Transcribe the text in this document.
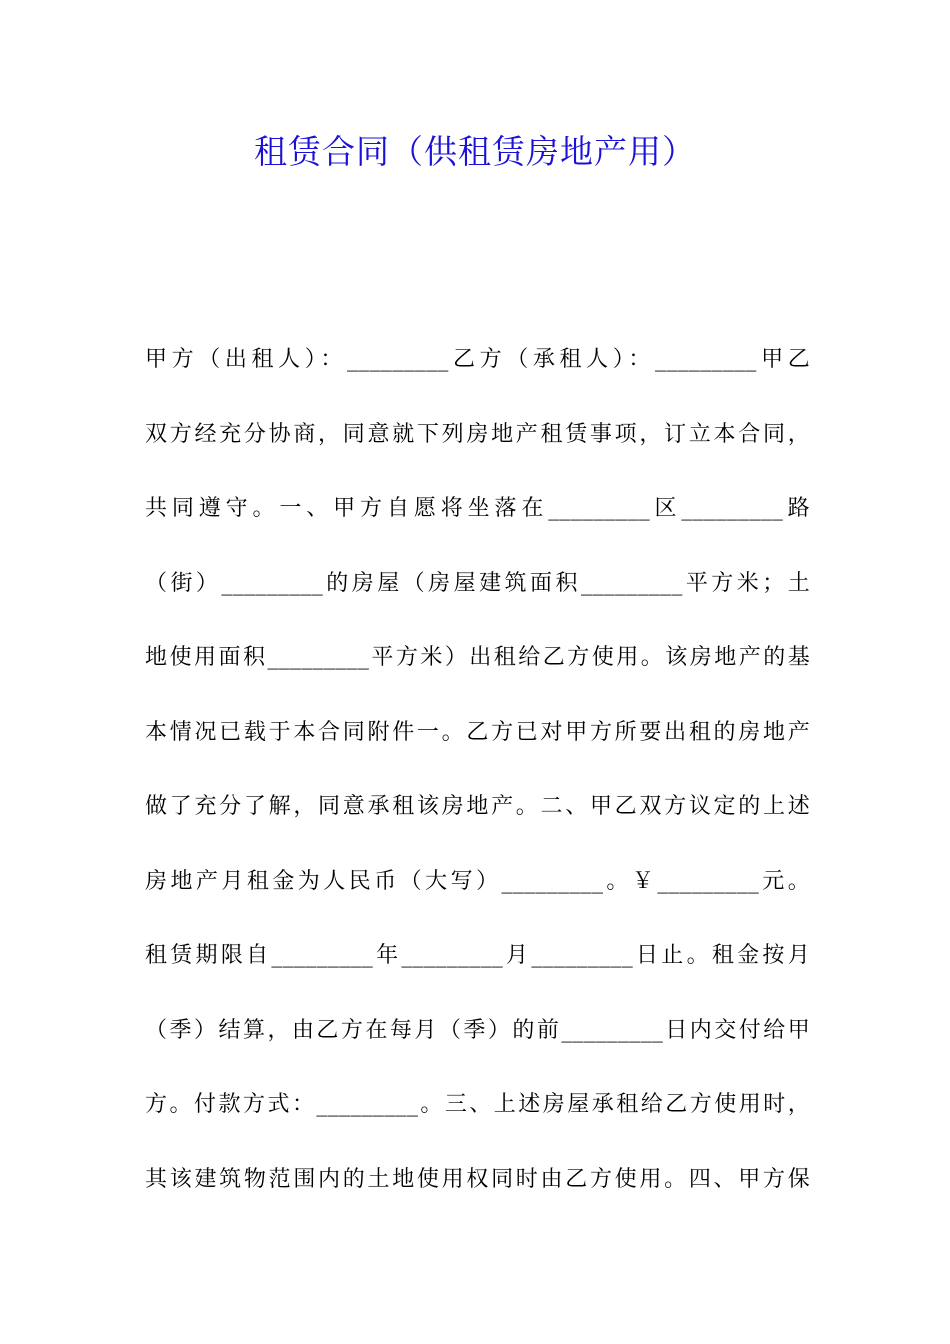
租赁合同（供租赁房地产用）
甲方（出租人）：_________乙方（承租人）：_________甲乙
双方经充分协商，同意就下列房地产租赁事项，订立本合同，
共同遵守。一、甲方自愿将坐落在_________区_________路
（街）_________的房屋（房屋建筑面积_________平方米；土
地使用面积_________平方米）出租给乙方使用。该房地产的基
本情况已载于本合同附件一。乙方已对甲方所要出租的房地产
做了充分了解，同意承租该房地产。二、甲乙双方议定的上述
房地产月租金为人民币（大写）_________。￥_________元。
租赁期限自_________年_________月_________日止。租金按月
（季）结算，由乙方在每月（季）的前_________日内交付给甲
方。付款方式：_________。三、上述房屋承租给乙方使用时，
其该建筑物范围内的土地使用权同时由乙方使用。四、甲方保
